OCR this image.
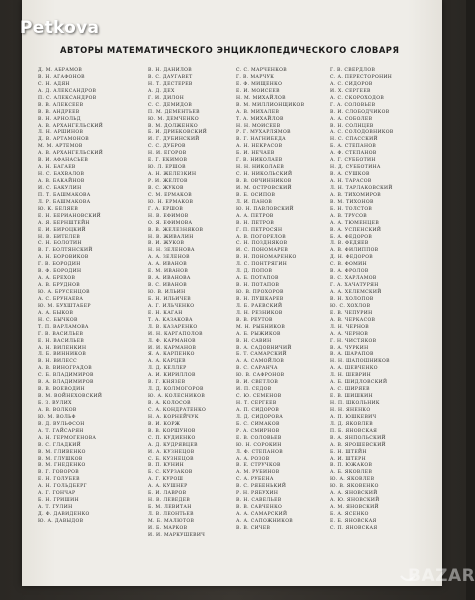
АВТОРЫ МАТЕМАТИЧЕСКОГО ЭНЦИКЛОПЕДИЧЕСКОГО СЛОВАРЯ
Д. М. АБРАМОВ
В. Н. АГАФОНОВ
С. Н. АДЯН
А. Д. АЛЕКСАНДРОВ
П. С. АЛЕКСАНДРОВ
В. В. АЛЕКСЕЕВ
В. В. АНДРЕЕВ
В. Н. АРНОЛЬД
А. В. АРХАНГЕЛЬСКИЙ
Л. Н. АРШИНОВ
Д. В. АРТАМОНОВ
М. М. АРТЕМОВ
А. В. АРХАНГЕЛЬСКИЙ
В. И. АФАНАСЬЕВ
А. Н. БАГАЕВ
Н. С. БАХВАЛОВ
А. В. БАКАЙНОВ
И. С. БАКУЛИН
П. Т. БАШМАКОВА
Л. Р. БАШМАКОВА
Ю. К. БЕЛЯЕВ
Е. Н. БЕРИАНОВСКИЙ
А. Я. БЕРНШТЕЙН
Е. И. БИРОЦКИЙ
Н. В. БИТЕЛЕВ
С. Н. БОЛОТИН
В. Г. БОЛТЯНСКИЙ
А. Н. БОРОВИКОВ
Г. В. БОРОДИН
В. Ф. БОРОДИН
А. А. БРЕХОВ
А. В. БРУДНОВ
Ю. А. БРУСЕНЦОВ
А. С. БРУНАЕВА
Ю. М. БУХШТАБЕР
А. А. БЫКОВ
Н. С. БЫЧКОВ
Т. П. ВАРЛАМОВА
Г. В. ВАСИЛЬЕВ
Е. Н. ВАСИЛЬЕВ
А. Н. ВИЛЕНКИН
Л. Б. ВИННИКОВ
В. Н. ВИЛЕСС
А. В. ВИНОГРАДОВ
С. Б. ВЛАДИМИРОВ
В. А. ВЛАДИМИРОВ
В. В. ВОЕВОДИН
В. М. ВОЙНЕХОВСКИЙ
Б. З. ВУЛИХ
А. В. ВОЛКОВ
Ю. М. ВОЛЬФ
В. Д. ВУЛЬФСОН
А. Т. ГАЙСАРЯН
А. Н. ГЕРМОГЕНОВА
В. С. ГЛАДКИЙ
В. М. ГЛИВЕНКО
В. М. ГЛУШКОВ
В. М. ГНЕДЕНКО
В. Г. ГОВОРОВ
Е. Н. ГОЛУБЕВ
А. Н. ГОЛЬДБЕРГ
А. Г. ГОНЧАР
Б. Н. ГРИШИН
А. Т. ГУЛИН
Д. Ф. ДАВИДЕНКО
Ю. А. ДАВЫДОВ
В. Н. ДАНИЛОВ
В. С. ДАУГАВЕТ
Н. Т. ДЕСТЕРЕВ
А. Д. ДЕХ
Г. И. ДИЛОН
С. С. ДЕМИДОВ
П. М. ДЕМЕНТЬЕВ
Ю. М. ДЕМЧЕНКО
В. М. ДОЛЖЕНКО
Б. И. ДРИБКОВСКИЙ
И. Г. ДУБИНСКИЙ
С. С. ДУБРОВ
Н. И. ЕГОРОВ
Е. Г. ЕКИМОВ
Ю. Л. ЕРШОВ
А. Н. ЖЕЛЕЗКИН
Р. И. ЖЕЛТОВ
В. С. ЖУКОВ
С. М. ЕРМАКОВ
Ю. Н. ЕРМАКОВ
Г. А. ЕРШОВ
Н. В. ЕФИМОВ
О. Я. ЕФИМОВА
В. В. ЖЕЛЕЗНЯКОВ
Н. В. ЖИВАЛИН
В. И. ЖУКОВ
Н. Н. ЗЕЛЕНОВА
А. А. ЗЕЛЕНОВ
А. А. ИВАНОВ
Е. М. ИВАНОВ
В. А. ИВАНОВА
В. С. ИВАНОВ
Ю. В. ИЛЬИН
Б. Н. ИЛЬИЧЕВ
А. Г. ИЛЬЧЕНКО
Е. Н. КАГАН
Т. А. КАЗАКОВА
Л. В. КАЗАРЕНКО
И. Н. КАРГАПОЛОВ
Л. Ф. КАРМАНОВ
И. И. КАРМАНОВ
Я. А. КАРПЕНКО
А. А. КАРЦЕВ
Л. Д. КЕЛЛЕР
А. И. КИРИЛЛОВ
В. Г. КНЯЗЕВ
Л. Д. КОЛМОГОРОВ
Ю. А. КОЛЕСНИКОВ
В. А. КОЛОСОВ
С. А. КОНДРАТЕНКО
Н. А. КОРНЕЙЧУК
В. И. КОРЖ
В. В. КОРШУНОВ
С. П. КУДИЕНКО
А. Д. КУДРЯВЦЕВ
И. А. КУЗНЕЦОВ
С. Б. КУЗНЕЦОВ
В. П. КУНИН
Б. С. КУРЗАКОВ
А. Г. КУРОШ
А. А. КУШНЕР
Б. И. ЛАВРОВ
Н. В. ЛЕВЕДЕВ
Б. М. ЛЕВИТАН
Л. В. ЛЕОНТЬЕВ
М. Б. МАЛЮТОВ
И. Б. МАРКОВ
И. И. МАРКУШЕВИЧ
С. С. МАРЧЕНКОВ
Г. В. МАРЧУК
Е. Ф. МИЩЕНКО
Е. И. МОИСЕЕВ
Н. М. МИХАЙЛОВ
В. М. МИЛЛИОНЩИКОВ
А. В. МИХАЛЕВ
Т. А. МИХАЙЛОВ
Н. Н. МОИСЕЕВ
Р. Г. МУХАРЛЯМОВ
В. Г. НАГНИБЕДА
А. Н. НЕКРАСОВ
Б. И. НЕЧАЕВ
Г. В. НИКОЛАЕВ
Н. Н. НИКОЛАЕВ
С. Н. НИКОЛЬСКИЙ
В. В. ОВЧИННИКОВ
И. М. ОСТРОВСКИЙ
В. Б. ОСИПОВ
Л. И. ПАНОВ
Ю. Н. ПАВЛОВСКИЙ
А. А. ПЕТРОВ
В. Н. ПЕТРОВ
Г. П. ПЕТРОСЯН
А. В. ПОГОРЕЛОВ
С. Н. ПОЗДНЯКОВ
И. С. ПОНОМАРЕВ
В. Н. ПОНОМАРЕНКО
Л. С. ПОНТРЯГИН
Л. Д. ПОПОВ
А. Б. ПОТАПОВ
В. Н. ПОТАПОВ
Ю. В. ПРОХОРОВ
В. Н. ПУШКАРЕВ
Л. Б. РАЕВСКИЙ
Л. Н. РЕЗНИКОВ
В. В. РЕУТОВ
М. Н. РЫБНИКОВ
А. Б. РЫЖИКОВ
В. Н. САВИН
В. А. САДОВНИЧИЙ
Б. Т. САМАРСКИЙ
А. А. САМОЙЛОВ
В. С. САРАНЧА
Ю. В. САФРОНОВ
В. И. СВЕТЛОВ
И. П. СЕДОВ
С. Ю. СЕМЕНОВ
Н. Т. СЕРГЕЕВ
А. П. СИДОРОВ
Л. Д. СИДОРОВА
Б. С. СИМАКОВ
Р. А. СМИРНОВ
Е. В. СОЛОВЬЕВ
Ю. Н. СОРОКИН
Л. Ф. СТЕПАНОВ
А. А. РОЗОВ
В. Е. СТРУЧКОВ
А. М. РУБИНОВ
С. А. РУБЕНА
В. С. РЯБЕНЬКИЙ
Р. Н. РЯБУХИН
В. Н. САВЕЛЬЕВ
В. В. САВЧЕНКО
А. А. САМАРСКИЙ
А. А. САПОЖНИКОВ
В. В. СИЧЕВ
Г. В. СВЕРДЛОВ
С. А. ПЕРЕСТОРОНИН
А. С. СИДОРОВ
И. Х. СЕРГЕЕВ
А. С. СКОРОХОДОВ
Г. А. СОЛОВЬЕВ
В. И. СЛОБОДЧИКОВ
А. А. СОБОЛЕВ
В. Н. СОЛНЦЕВ
А. С. СОЛОДОВНИКОВ
Н. С. СПАССКИЙ
Б. А. СТЕПАНОВ
А. Ф. СТЕПАНОВ
А. Г. СУББОТИН
Н. Д. СУББОТИНА
В. А. СУШКОВ
А. Н. ТАРАСОВ
Л. Н. ТАРЛАКОВСКИЙ
А. В. ТИХОМИРОВ
В. М. ТИХОНОВ
Б. Н. ТОЛСТОВ
А. В. ТРУСОВ
А. А. ТЮМЕНЦЕВ
В. А. УСПЕНСКИЙ
Б. А. ФЕДОРОВ
Л. В. ФЕДЯЕВ
А. В. ФИЛИППОВ
Д. Н. ФЕДОРОВ
С. В. ФОМИН
В. А. ФРОЛОВ
В. С. ХАРЛАМОВ
Г. А. ХАЧАТУРЯН
А. А. ХЕЛЕМСКИЙ
В. Н. ХОЛОПОВ
Ю. С. ХОХЛОВ
Е. В. ЧЕПУРИН
А. В. ЧЕРКАСОВ
Л. Н. ЧЕРНОВ
А. А. ЧЕРНОВ
Г. Н. ЧИСТЯКОВ
В. А. ЧУРКИН
В. А. ШАРАПОВ
Н. Н. ШАПОШНИКОВ
А. А. ШЕВЧЕНКО
Л. Н. ШЕВРИН
А. Б. ШИДЛОВСКИЙ
А. С. ШИРЯЕВ
Е. В. ШИШКИН
Н. П. ШКОЛЬНИК
Н. Н. ЯНЕНКО
А. П. ЮШКЕВИЧ
Л. Д. ЯКОВЛЕВ
П. Б. ЯНОВСКАЯ
В. А. ЯНПОЛЬСКИЙ
А. В. ЯРОШЕВСКИЙ
Б. Н. ШТЕЙН
А. И. ШТЕРН
В. П. ЮЖАКОВ
А. Б. ЯКОВЛЕВ
Ю. А. ЯКОВЛЕВ
Ю. В. ЯКОВЕНКО
А. А. ЯНОВСКИЙ
А. Ю. ЯНОВСКИЙ
А. М. ЯНОВСКИЙ
Б. А. ЯСЕНКО
Е. Б. ЯНОВСКАЯ
С. П. ЯНОВСКАЯ
Petkova
BAZAR
